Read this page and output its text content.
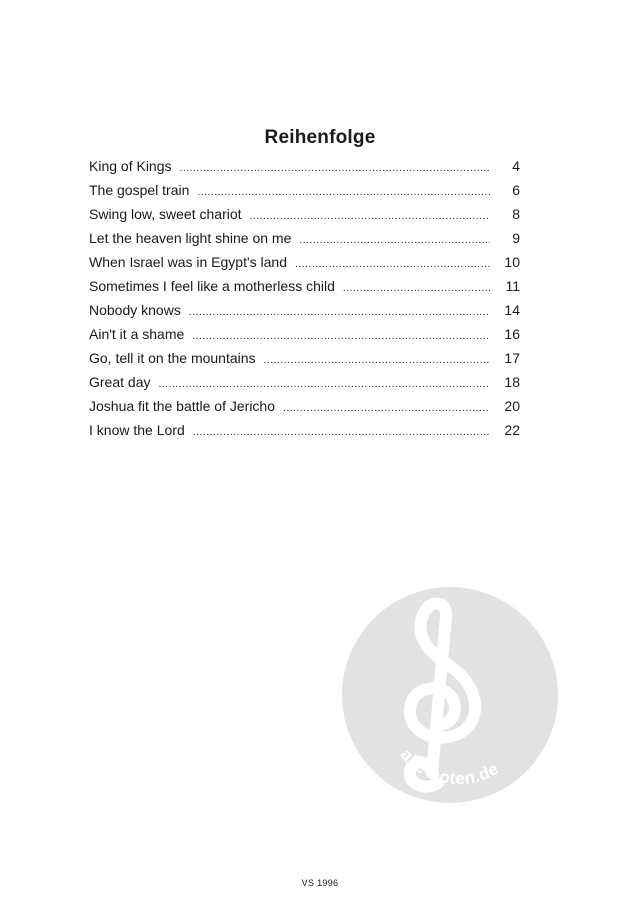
Reihenfolge
King of Kings .....	4
The gospel train .....	6
Swing low, sweet chariot .....	8
Let the heaven light shine on me .....	9
When Israel was in Egypt's land .....	10
Sometimes I feel like a motherless child .....	11
Nobody knows .....	14
Ain't it a shame .....	16
Go, tell it on the mountains .....	17
Great day .....	18
Joshua fit the battle of Jericho .....	20
I know the Lord .....	22
alle-noten.de
VS 1996
